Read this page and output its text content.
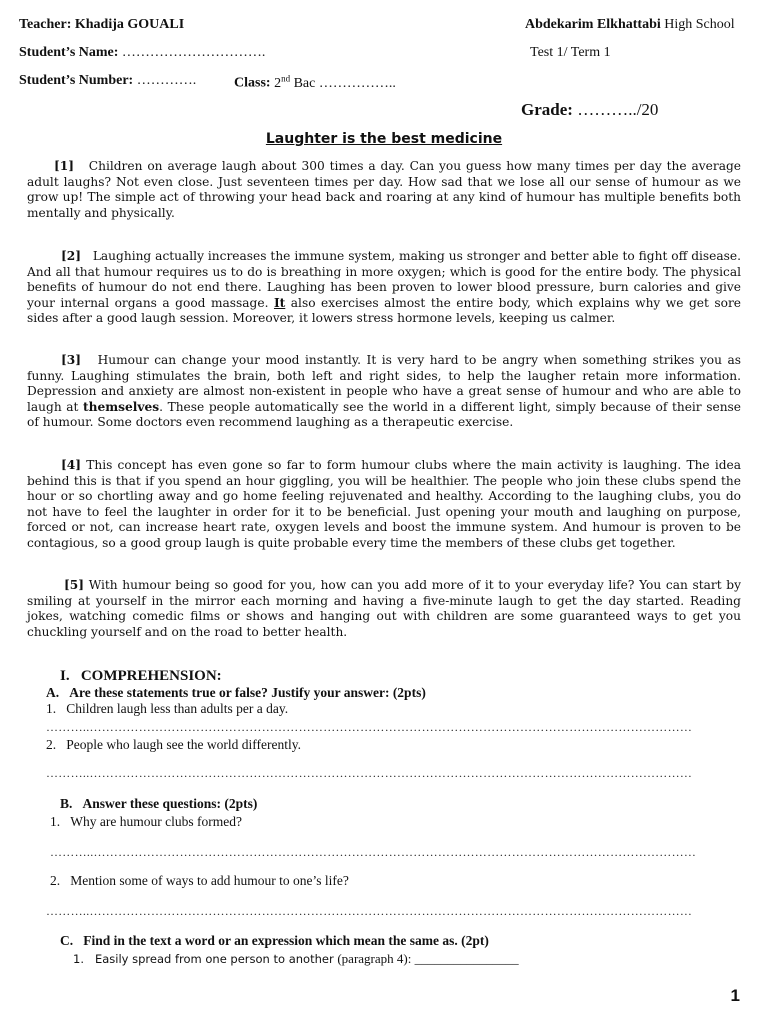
Teacher: Khadija GOUALI	Abdekarim Elkhattabi High School
Student’s Name: ………………………….	Test 1/ Term 1
Student’s Number: ………….	Class: 2nd Bac ……………..
Grade: ………../20
Laughter is the best medicine
[1] Children on average laugh about 300 times a day. Can you guess how many times per day the average adult laughs? Not even close. Just seventeen times per day. How sad that we lose all our sense of humour as we grow up! The simple act of throwing your head back and roaring at any kind of humour has multiple benefits both mentally and physically.
[2] Laughing actually increases the immune system, making us stronger and better able to fight off disease. And all that humour requires us to do is breathing in more oxygen; which is good for the entire body. The physical benefits of humour do not end there. Laughing has been proven to lower blood pressure, burn calories and give your internal organs a good massage. It also exercises almost the entire body, which explains why we get sore sides after a good laugh session. Moreover, it lowers stress hormone levels, keeping us calmer.
[3] Humour can change your mood instantly. It is very hard to be angry when something strikes you as funny. Laughing stimulates the brain, both left and right sides, to help the laugher retain more information. Depression and anxiety are almost non-existent in people who have a great sense of humour and who are able to laugh at themselves. These people automatically see the world in a different light, simply because of their sense of humour. Some doctors even recommend laughing as a therapeutic exercise.
[4] This concept has even gone so far to form humour clubs where the main activity is laughing. The idea behind this is that if you spend an hour giggling, you will be healthier. The people who join these clubs spend the hour or so chortling away and go home feeling rejuvenated and healthy. According to the laughing clubs, you do not have to feel the laughter in order for it to be beneficial. Just opening your mouth and laughing on purpose, forced or not, can increase heart rate, oxygen levels and boost the immune system. And humour is proven to be contagious, so a good group laugh is quite probable every time the members of these clubs get together.
[5] With humour being so good for you, how can you add more of it to your everyday life? You can start by smiling at yourself in the mirror each morning and having a five-minute laugh to get the day started. Reading jokes, watching comedic films or shows and hanging out with children are some guaranteed ways to get you chuckling yourself and on the road to better health.
I. COMPREHENSION:
A. Are these statements true or false? Justify your answer: (2pts)
1. Children laugh less than adults per a day.
………..…………………………………………………………………………………………………………………………………
2. People who laugh see the world differently.
………..…………………………………………………………………………………………………………………………………
B. Answer these questions: (2pts)
1. Why are humour clubs formed?
………..…………………………………………………………………………………………………………………………………
2. Mention some of ways to add humour to one’s life?
………..…………………………………………………………………………………………………………………………………
C. Find in the text a word or an expression which mean the same as. (2pt)
1. Easily spread from one person to another (paragraph 4): ________________
1
